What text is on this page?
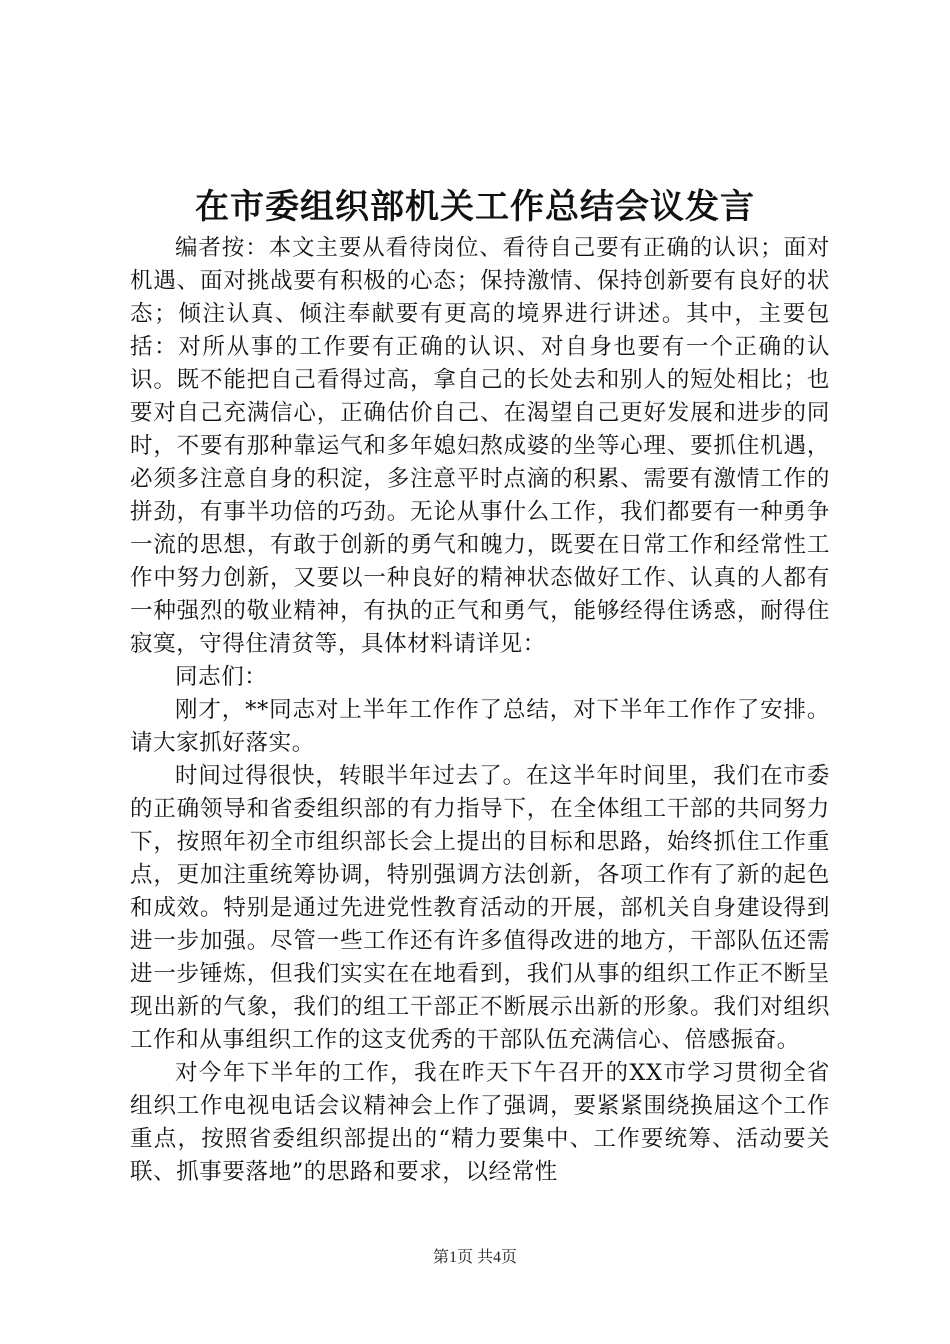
在市委组织部机关工作总结会议发言

编者按：本文主要从看待岗位、看待自己要有正确的认识；面对机遇、面对挑战要有积极的心态；保持激情、保持创新要有良好的状态；倾注认真、倾注奉献要有更高的境界进行讲述。其中，主要包括：对所从事的工作要有正确的认识、对自身也要有一个正确的认识。既不能把自己看得过高，拿自己的长处去和别人的短处相比；也要对自己充满信心，正确估价自己、在渴望自己更好发展和进步的同时，不要有那种靠运气和多年媳妇熬成婆的坐等心理、要抓住机遇，必须多注意自身的积淀，多注意平时点滴的积累、需要有激情工作的拼劲，有事半功倍的巧劲。无论从事什么工作，我们都要有一种勇争一流的思想，有敢于创新的勇气和魄力，既要在日常工作和经常性工作中努力创新，又要以一种良好的精神状态做好工作、认真的人都有一种强烈的敬业精神，有执的正气和勇气，能够经得住诱惑，耐得住寂寞，守得住清贫等，具体材料请详见：

同志们：

刚才，**同志对上半年工作作了总结，对下半年工作作了安排。请大家抓好落实。

时间过得很快，转眼半年过去了。在这半年时间里，我们在市委的正确领导和省委组织部的有力指导下，在全体组工干部的共同努力下，按照年初全市组织部长会上提出的目标和思路，始终抓住工作重点，更加注重统筹协调，特别强调方法创新，各项工作有了新的起色和成效。特别是通过先进党性教育活动的开展，部机关自身建设得到进一步加强。尽管一些工作还有许多值得改进的地方，干部队伍还需进一步锤炼，但我们实实在在地看到，我们从事的组织工作正不断呈现出新的气象，我们的组工干部正不断展示出新的形象。我们对组织工作和从事组织工作的这支优秀的干部队伍充满信心、倍感振奋。

对今年下半年的工作，我在昨天下午召开的XX市学习贯彻全省组织工作电视电话会议精神会上作了强调，要紧紧围绕换届这个工作重点，按照省委组织部提出的“精力要集中、工作要统筹、活动要关联、抓事要落地”的思路和要求，以经常性

第1页 共4页
